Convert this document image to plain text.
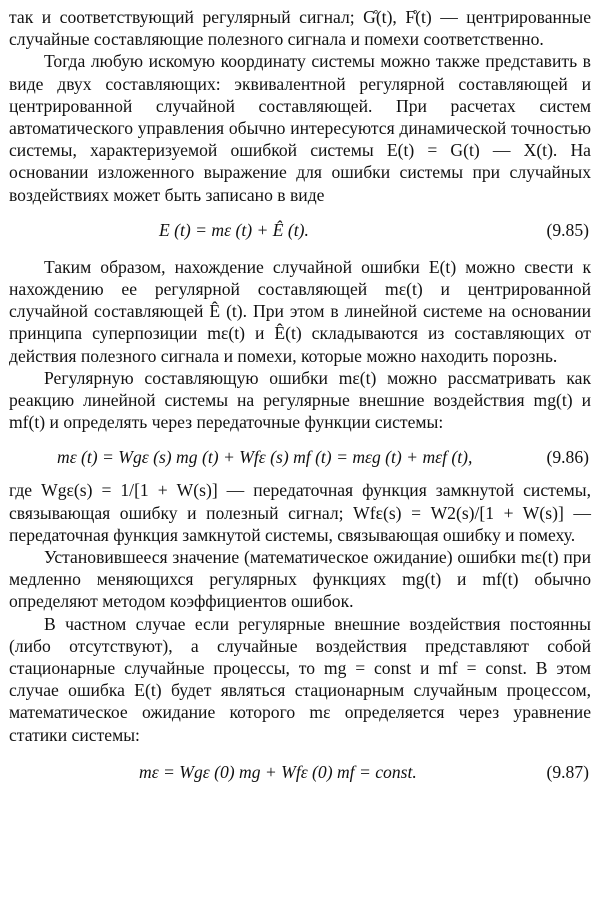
так и соответствующий регулярный сигнал; G̊(t), F̊(t) — центрированные случайные составляющие полезного сигнала и помехи соответственно.

Тогда любую искомую координату системы можно также представить в виде двух составляющих: эквивалентной регулярной составляющей и центрированной случайной составляющей. При расчетах систем автоматического управления обычно интересуются динамической точностью системы, характеризуемой ошибкой системы E(t) = G(t) — X(t). На основании изложенного выражение для ошибки системы при случайных воздействиях может быть записано в виде

E (t) = mε (t) + Ê (t).	(9.85)

Таким образом, нахождение случайной ошибки E(t) можно свести к нахождению ее регулярной составляющей mε(t) и центрированной случайной составляющей Ê (t). При этом в линейной системе на основании принципа суперпозиции mε(t) и Ê(t) складываются из составляющих от действия полезного сигнала и помехи, которые можно находить порознь.

Регулярную составляющую ошибки mε(t) можно рассматривать как реакцию линейной системы на регулярные внешние воздействия mg(t) и mf(t) и определять через передаточные функции системы:

mε (t) = Wgε (s) mg (t) + Wfε (s) mf (t) = mεg (t) + mεf (t),	(9.86)

где Wgε(s) = 1/[1 + W(s)] — передаточная функция замкнутой системы, связывающая ошибку и полезный сигнал; Wfε(s) = W2(s)/[1 + W(s)] — передаточная функция замкнутой системы, связывающая ошибку и помеху.

Установившееся значение (математическое ожидание) ошибки mε(t) при медленно меняющихся регулярных функциях mg(t) и mf(t) обычно определяют методом коэффициентов ошибок.

В частном случае если регулярные внешние воздействия постоянны (либо отсутствуют), а случайные воздействия представляют собой стационарные случайные процессы, то mg = const и mf = const. В этом случае ошибка E(t) будет являться стационарным случайным процессом, математическое ожидание которого mε определяется через уравнение статики системы:

mε = Wgε (0) mg + Wfε (0) mf = const.	(9.87)
